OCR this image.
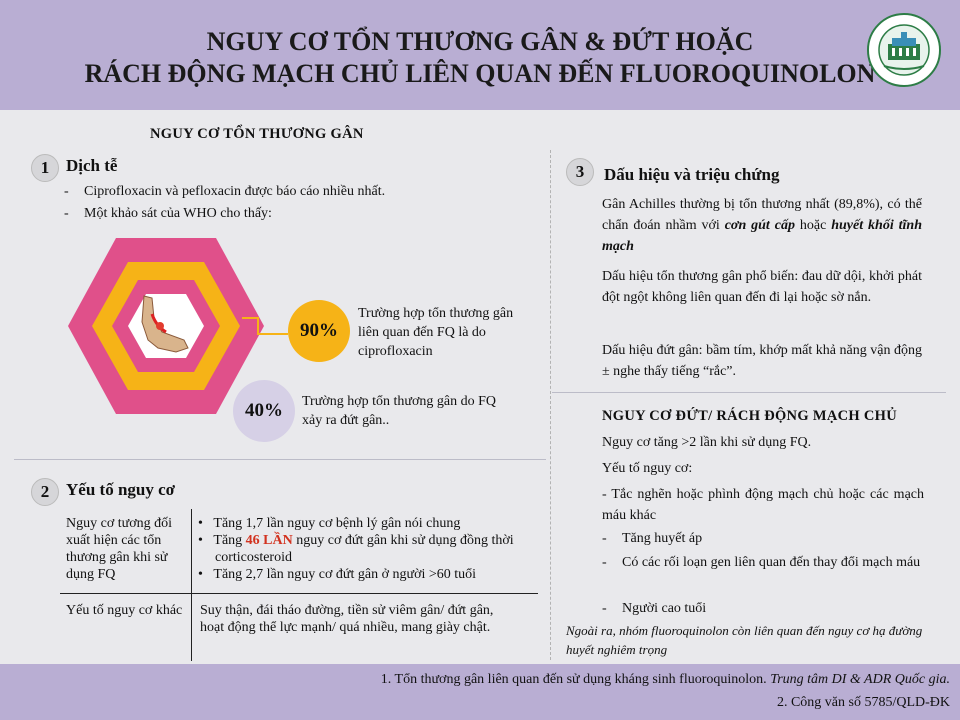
NGUY CƠ TỔN THƯƠNG GÂN & ĐỨT HOẶC
RÁCH ĐỘNG MẠCH CHỦ LIÊN QUAN ĐẾN FLUOROQUINOLON
NGUY CƠ TỔN THƯƠNG GÂN
1 Dịch tễ
- Ciprofloxacin và pefloxacin được báo cáo nhiều nhất.
- Một khảo sát của WHO cho thấy:
90%
Trường hợp tổn thương gân liên quan đến FQ là do ciprofloxacin
40%	Trường hợp tổn thương gân do FQ xảy ra đứt gân..
2 Yếu tố nguy cơ
Nguy cơ tương đối xuất hiện các tổn thương gân khi sử dụng FQ
•   Tăng 1,7 lần nguy cơ bệnh lý gân nói chung
•   Tăng 46 LẦN nguy cơ đứt gân khi sử dụng đồng thời corticosteroid
•   Tăng 2,7 lần nguy cơ đứt gân ở người >60 tuổi
Yếu tố nguy cơ khác Suy thận, đái tháo đường, tiền sử viêm gân/ đứt gân, hoạt động thể lực mạnh/ quá nhiều, mang giày chật.
3	Dấu hiệu và triệu chứng
Gân Achilles thường bị tổn thương nhất (89,8%), có thể chẩn đoán nhầm với cơn gút cấp hoặc huyết khối tĩnh mạch
Dấu hiệu tổn thương gân phổ biến: đau dữ dội, khởi phát đột ngột không liên quan đến đi lại hoặc sờ nắn.
Dấu hiệu đứt gân: bầm tím, khớp mất khả năng vận động ± nghe thấy tiếng “rắc”.
NGUY CƠ ĐỨT/ RÁCH ĐỘNG MẠCH CHỦ
Nguy cơ tăng >2 lần khi sử dụng FQ.
Yếu tố nguy cơ:
- Tắc nghẽn hoặc phình động mạch chủ hoặc các mạch máu khác
- Tăng huyết áp
- Có các rối loạn gen liên quan đến thay đổi mạch máu
- Người cao tuổi
Ngoài ra, nhóm fluoroquinolon còn liên quan đến nguy cơ hạ đường huyết nghiêm trọng
1. Tổn thương gân liên quan đến sử dụng kháng sinh fluoroquinolon. Trung tâm DI & ADR Quốc gia.
2. Công văn số 5785/QLD-ĐK
